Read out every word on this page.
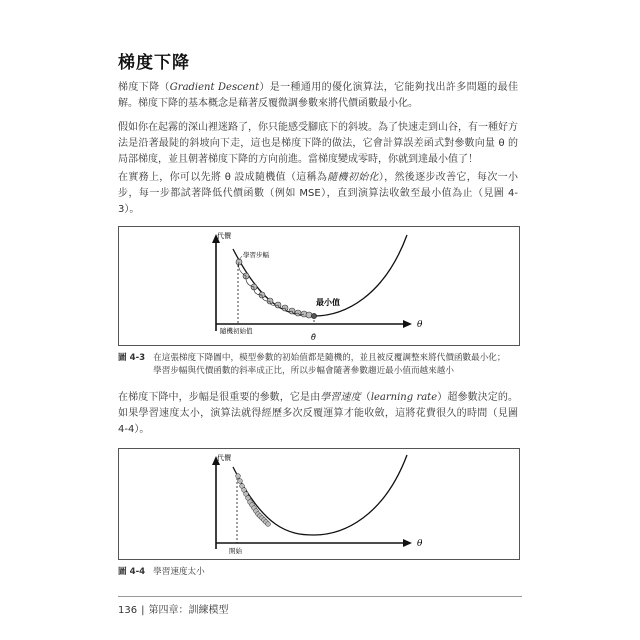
梯度下降

梯度下降（Gradient Descent）是一種通用的優化演算法，它能夠找出許多問題的最佳解。梯度下降的基本概念是藉著反覆微調參數來將代價函數最小化。

假如你在起霧的深山裡迷路了，你只能感受腳底下的斜坡。為了快速走到山谷，有一種好方法是沿著最陡的斜坡向下走，這也是梯度下降的做法，它會計算誤差函式對參數向量 θ 的局部梯度，並且朝著梯度下降的方向前進。當梯度變成零時，你就到達最小值了！

在實務上，你可以先將 θ 設成隨機值（這稱為隨機初始化），然後逐步改善它，每次一小步，每一步都試著降低代價函數（例如 MSE），直到演算法收斂至最小值為止（見圖 4-3）。

代價
θ
學習步幅
最小值
隨機初始值
θ̂

圖 4-3 在這張梯度下降圖中，模型參數的初始值都是隨機的，並且被反覆調整來將代價函數最小化；學習步幅與代價函數的斜率成正比，所以步幅會隨著參數趨近最小值而越來越小

在梯度下降中，步幅是很重要的參數，它是由學習速度（learning rate）超參數決定的。如果學習速度太小，演算法就得經歷多次反覆運算才能收斂，這將花費很久的時間（見圖 4-4）。

代價
θ
開始

圖 4-4 學習速度太小

136 | 第四章：訓練模型
